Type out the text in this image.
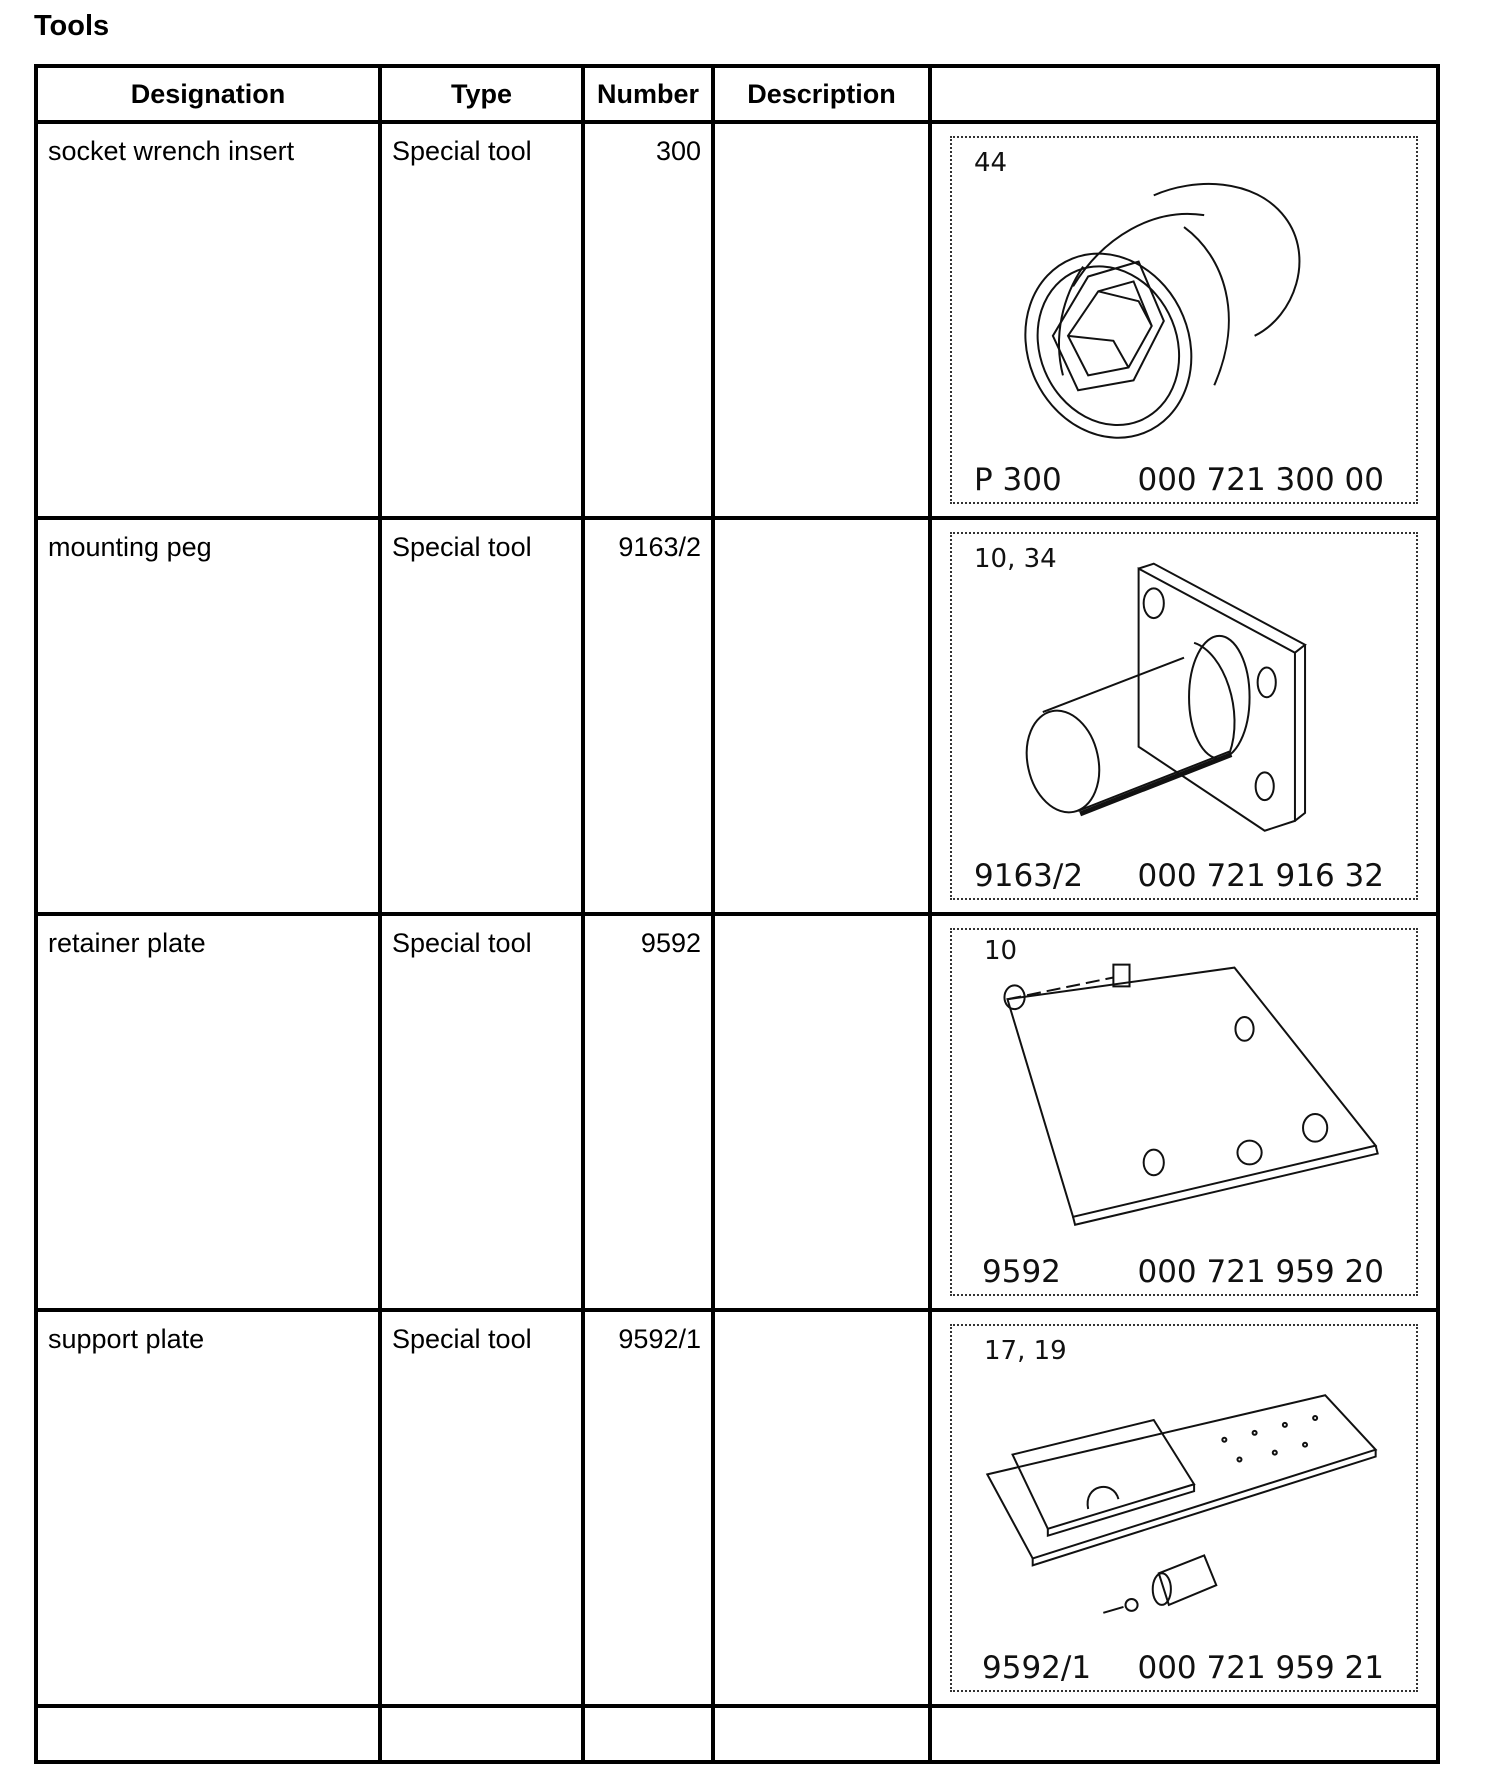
Tools
Designation	Type	Number	Description	

socket wrench insert	Special tool	300		44
P 300 000 721 300 00

mounting peg	Special tool	9163/2		10, 34
9163/2 000 721 916 32

retainer plate	Special tool	9592		10
9592 000 721 959 20

support plate	Special tool	9592/1		17, 19
9592/1 000 721 959 21
